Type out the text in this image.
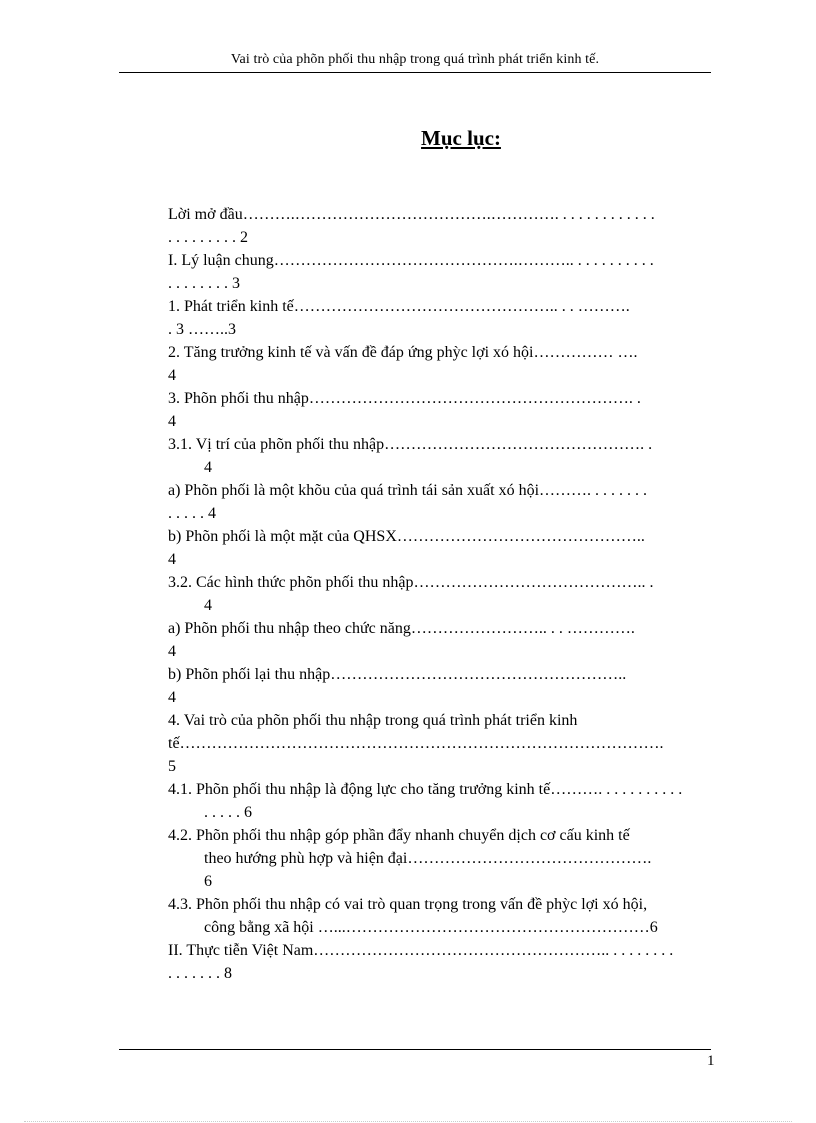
Vai trò của phõn phối thu nhập trong quá trình phát triển kinh tế.
Mục lục:
Lời mở đầu……….……………………………….…………. . . . . . . . . . . . .
. . . . . . . . . 2
I. Lý luận chung……………………………………….……….. . . . . . . . . . .
. . . . . . . . 3
1. Phát triển kinh tế………………………………………….. . . ……….
. 3 ……..3
2. Tăng trưởng kinh tế và vấn đề đáp ứng phỳc lợi xó hội…………… ….
4
3. Phõn phối thu nhập……………………………………………………. .
4
3.1. Vị trí của phõn phối thu nhập…………………………………………. .
4
a) Phõn phối là một khõu của quá trình tái sản xuất xó hội………. . . . . . . .
. . . . . 4
b) Phõn phối là một mặt của QHSX………………………………………..
4
3.2. Các hình thức phõn phối thu nhập…………………………………….. .
4
a) Phõn phối thu nhập theo chức năng…………………….. . . ………….
4
b) Phõn phối lại thu nhập………………………………………………..
4
4. Vai trò của phõn phối thu nhập trong quá trình phát triển kinh
tế……………………………………………………………………………….
5
4.1. Phõn phối thu nhập là động lực cho tăng trưởng kinh tế………. . . . . . . . . . .
. . . . . 6
4.2. Phõn phối thu nhập góp phần đẩy nhanh chuyển dịch cơ cấu kinh tế
theo hướng phù hợp và hiện đại……………………………………….
6
4.3. Phõn phối thu nhập có vai trò quan trọng trong vấn đề phỳc lợi xó hội,
công bằng xã hội …...…………………………………………………6
II. Thực tiễn Việt Nam……………………………………………….. . . . . . . . .
. . . . . . . 8
1
